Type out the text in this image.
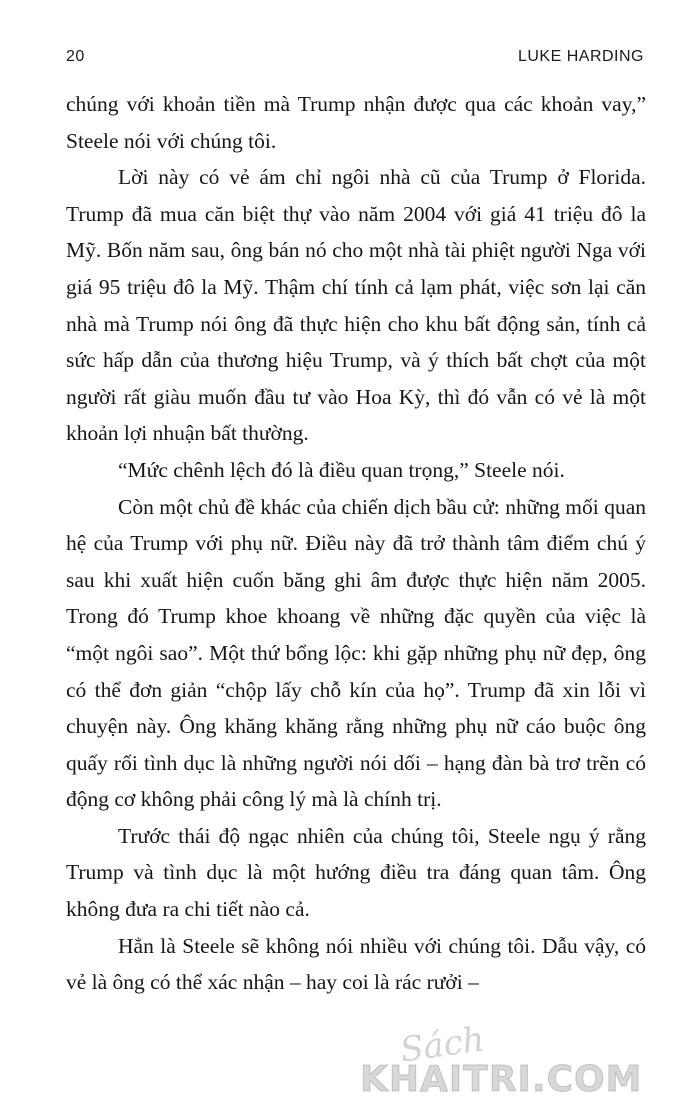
20	LUKE HARDING

chúng với khoản tiền mà Trump nhận được qua các khoản vay,” Steele nói với chúng tôi.

Lời này có vẻ ám chỉ ngôi nhà cũ của Trump ở Florida. Trump đã mua căn biệt thự vào năm 2004 với giá 41 triệu đô la Mỹ. Bốn năm sau, ông bán nó cho một nhà tài phiệt người Nga với giá 95 triệu đô la Mỹ. Thậm chí tính cả lạm phát, việc sơn lại căn nhà mà Trump nói ông đã thực hiện cho khu bất động sản, tính cả sức hấp dẫn của thương hiệu Trump, và ý thích bất chợt của một người rất giàu muốn đầu tư vào Hoa Kỳ, thì đó vẫn có vẻ là một khoản lợi nhuận bất thường.

“Mức chênh lệch đó là điều quan trọng,” Steele nói.

Còn một chủ đề khác của chiến dịch bầu cử: những mối quan hệ của Trump với phụ nữ. Điều này đã trở thành tâm điểm chú ý sau khi xuất hiện cuốn băng ghi âm được thực hiện năm 2005. Trong đó Trump khoe khoang về những đặc quyền của việc là “một ngôi sao”. Một thứ bổng lộc: khi gặp những phụ nữ đẹp, ông có thể đơn giản “chộp lấy chỗ kín của họ”. Trump đã xin lỗi vì chuyện này. Ông khăng khăng rằng những phụ nữ cáo buộc ông quấy rối tình dục là những người nói dối – hạng đàn bà trơ trẽn có động cơ không phải công lý mà là chính trị.

Trước thái độ ngạc nhiên của chúng tôi, Steele ngụ ý rằng Trump và tình dục là một hướng điều tra đáng quan tâm. Ông không đưa ra chi tiết nào cả.

Hẳn là Steele sẽ không nói nhiều với chúng tôi. Dẫu vậy, có vẻ là ông có thể xác nhận – hay coi là rác rưởi –

Sách
KHAITRI.COM
